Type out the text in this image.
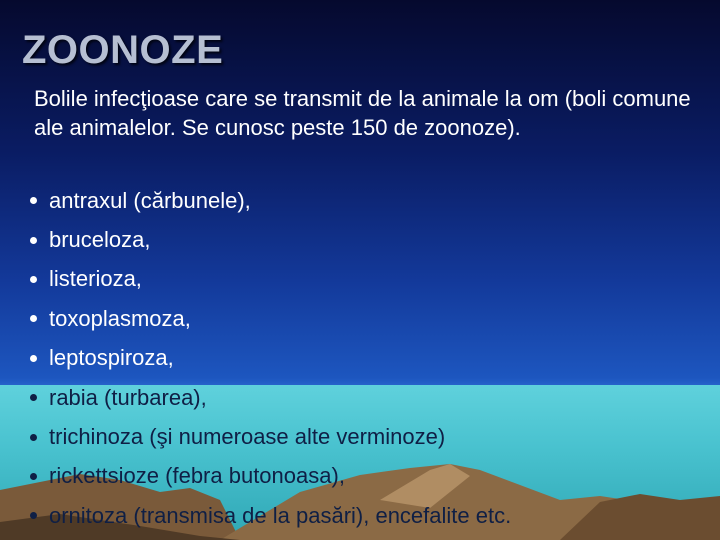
ZOONOZE

Bolile infecţioase care se transmit de la animale la om (boli comune ale animalelor. Se cunosc peste 150 de zoonoze).

antraxul (cărbunele),
bruceloza,
listerioza,
toxoplasmoza,
leptospiroza,
rabia (turbarea),
trichinoza (şi numeroase alte verminoze)
rickettsioze (febra butonoasa),
ornitoza (transmisa de la pasări), encefalite etc.
